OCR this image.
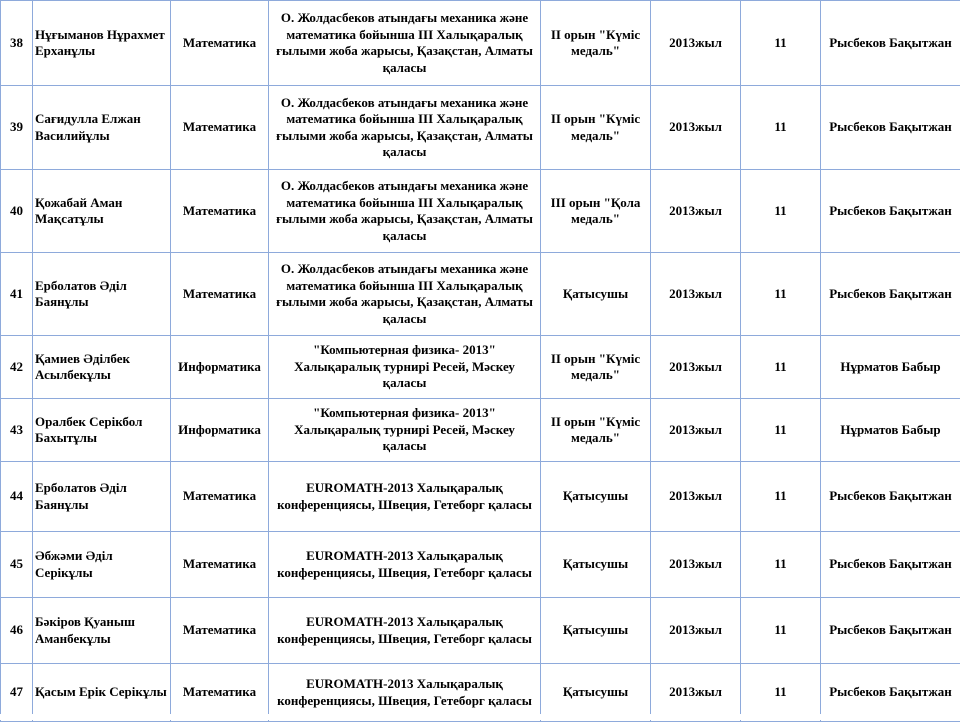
38	Нұғыманов Нұрахмет Ерханұлы	Математика	О. Жолдасбеков атындағы механика және математика бойынша III Халықаралық ғылыми жоба жарысы, Қазақстан, Алматы қаласы	II орын "Күміс медаль"	2013жыл	11	Рысбеков Бақытжан
39	Сағидулла Елжан Василийұлы	Математика	О. Жолдасбеков атындағы механика және математика бойынша III Халықаралық ғылыми жоба жарысы, Қазақстан, Алматы қаласы	II орын "Күміс медаль"	2013жыл	11	Рысбеков Бақытжан
40	Қожабай Аман Мақсатұлы	Математика	О. Жолдасбеков атындағы механика және математика бойынша III Халықаралық ғылыми жоба жарысы, Қазақстан, Алматы қаласы	III орын "Қола медаль"	2013жыл	11	Рысбеков Бақытжан
41	Ерболатов Әділ Баянұлы	Математика	О. Жолдасбеков атындағы механика және математика бойынша III Халықаралық ғылыми жоба жарысы, Қазақстан, Алматы қаласы	Қатысушы	2013жыл	11	Рысбеков Бақытжан
42	Қамиев Әділбек Асылбекұлы	Информатика	"Компьютерная физика- 2013" Халықаралық турнирі Ресей, Мәскеу қаласы	II орын "Күміс медаль"	2013жыл	11	Нұрматов Бабыр
43	Оралбек Серікбол Бахытұлы	Информатика	"Компьютерная физика- 2013" Халықаралық турнирі Ресей, Мәскеу қаласы	II орын "Күміс медаль"	2013жыл	11	Нұрматов Бабыр
44	Ерболатов Әділ Баянұлы	Математика	EUROMATH-2013 Халықаралық конференциясы, Швеция, Гетеборг қаласы	Қатысушы	2013жыл	11	Рысбеков Бақытжан
45	Әбжәми Әділ Серікұлы	Математика	EUROMATH-2013 Халықаралық конференциясы, Швеция, Гетеборг қаласы	Қатысушы	2013жыл	11	Рысбеков Бақытжан
46	Бәкіров Қуаныш Аманбекұлы	Математика	EUROMATH-2013 Халықаралық конференциясы, Швеция, Гетеборг қаласы	Қатысушы	2013жыл	11	Рысбеков Бақытжан
47	Қасым Ерік Серікұлы	Математика	EUROMATH-2013 Халықаралық конференциясы, Швеция, Гетеборг қаласы	Қатысушы	2013жыл	11	Рысбеков Бақытжан
